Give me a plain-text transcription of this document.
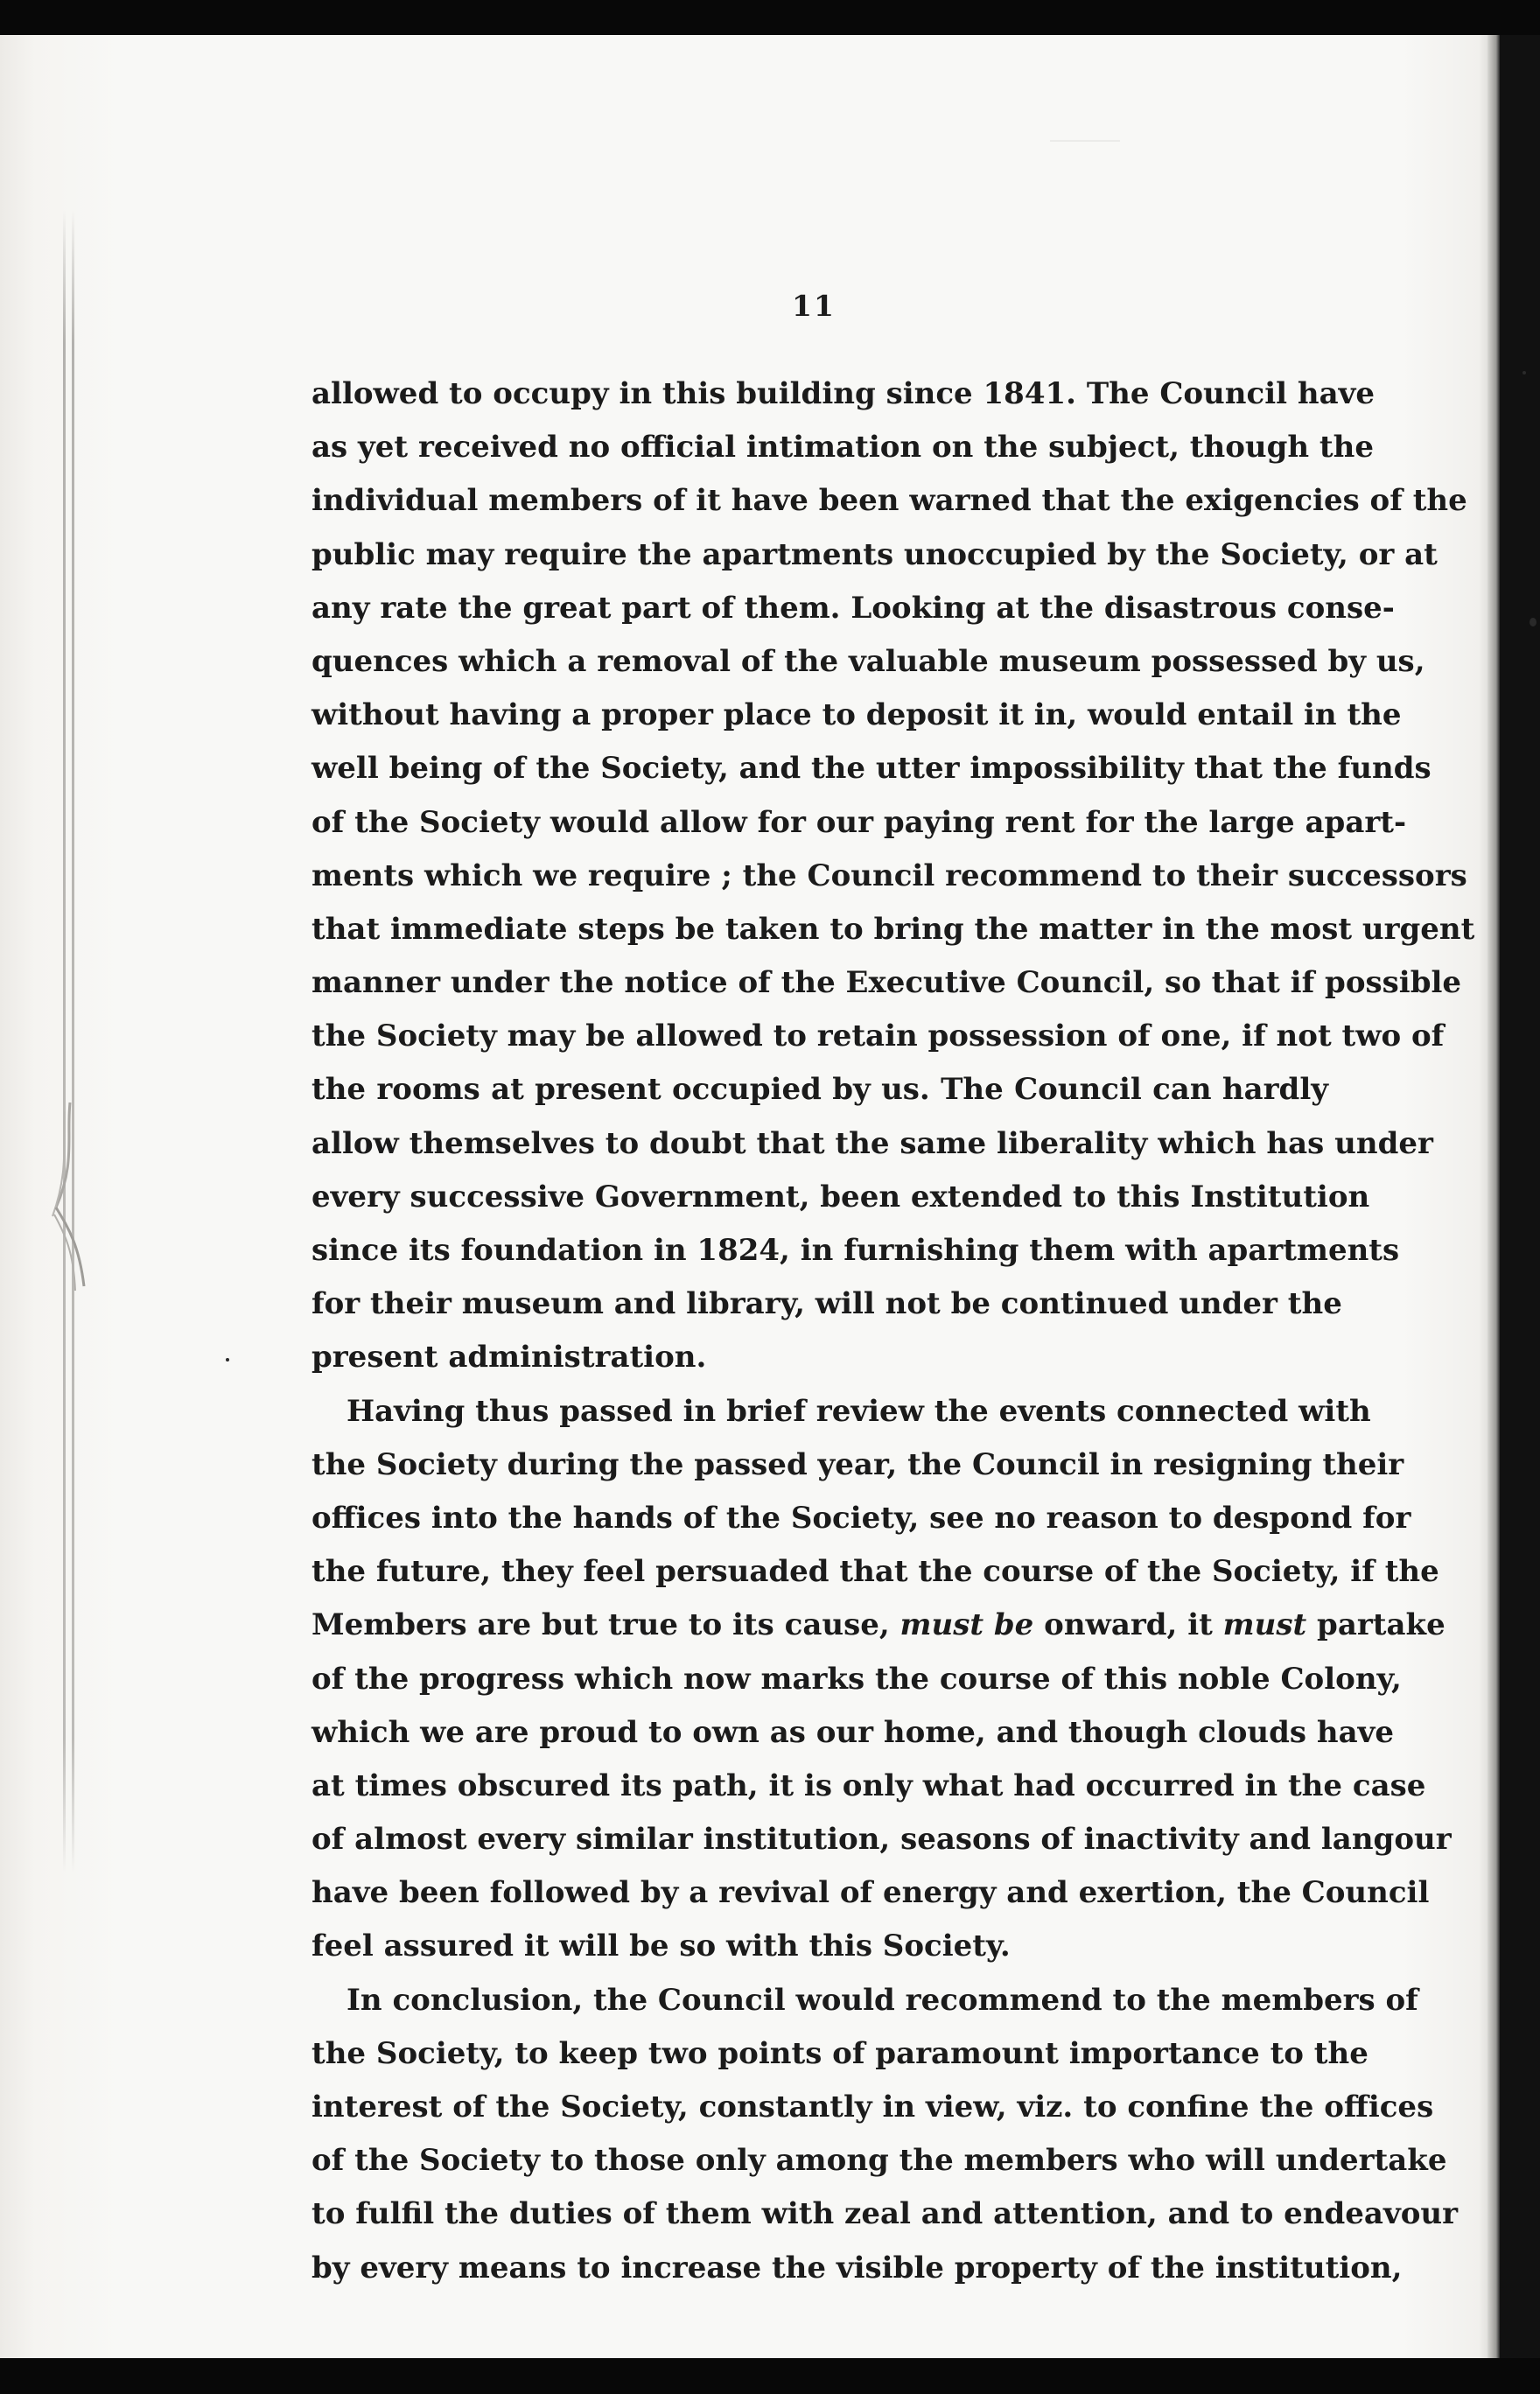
11
allowed to occupy in this building since 1841. The Council have
as yet received no official intimation on the subject, though the
individual members of it have been warned that the exigencies of the
public may require the apartments unoccupied by the Society, or at
any rate the great part of them. Looking at the disastrous conse-
quences which a removal of the valuable museum possessed by us,
without having a proper place to deposit it in, would entail in the
well being of the Society, and the utter impossibility that the funds
of the Society would allow for our paying rent for the large apart-
ments which we require ; the Council recommend to their successors
that immediate steps be taken to bring the matter in the most urgent
manner under the notice of the Executive Council, so that if possible
the Society may be allowed to retain possession of one, if not two of
the rooms at present occupied by us. The Council can hardly
allow themselves to doubt that the same liberality which has under
every successive Government, been extended to this Institution
since its foundation in 1824, in furnishing them with apartments
for their museum and library, will not be continued under the
present administration.
Having thus passed in brief review the events connected with
the Society during the passed year, the Council in resigning their
offices into the hands of the Society, see no reason to despond for
the future, they feel persuaded that the course of the Society, if the
Members are but true to its cause, must be onward, it must partake
of the progress which now marks the course of this noble Colony,
which we are proud to own as our home, and though clouds have
at times obscured its path, it is only what had occurred in the case
of almost every similar institution, seasons of inactivity and langour
have been followed by a revival of energy and exertion, the Council
feel assured it will be so with this Society.
In conclusion, the Council would recommend to the members of
the Society, to keep two points of paramount importance to the
interest of the Society, constantly in view, viz. to confine the offices
of the Society to those only among the members who will undertake
to fulfil the duties of them with zeal and attention, and to endeavour
by every means to increase the visible property of the institution,
